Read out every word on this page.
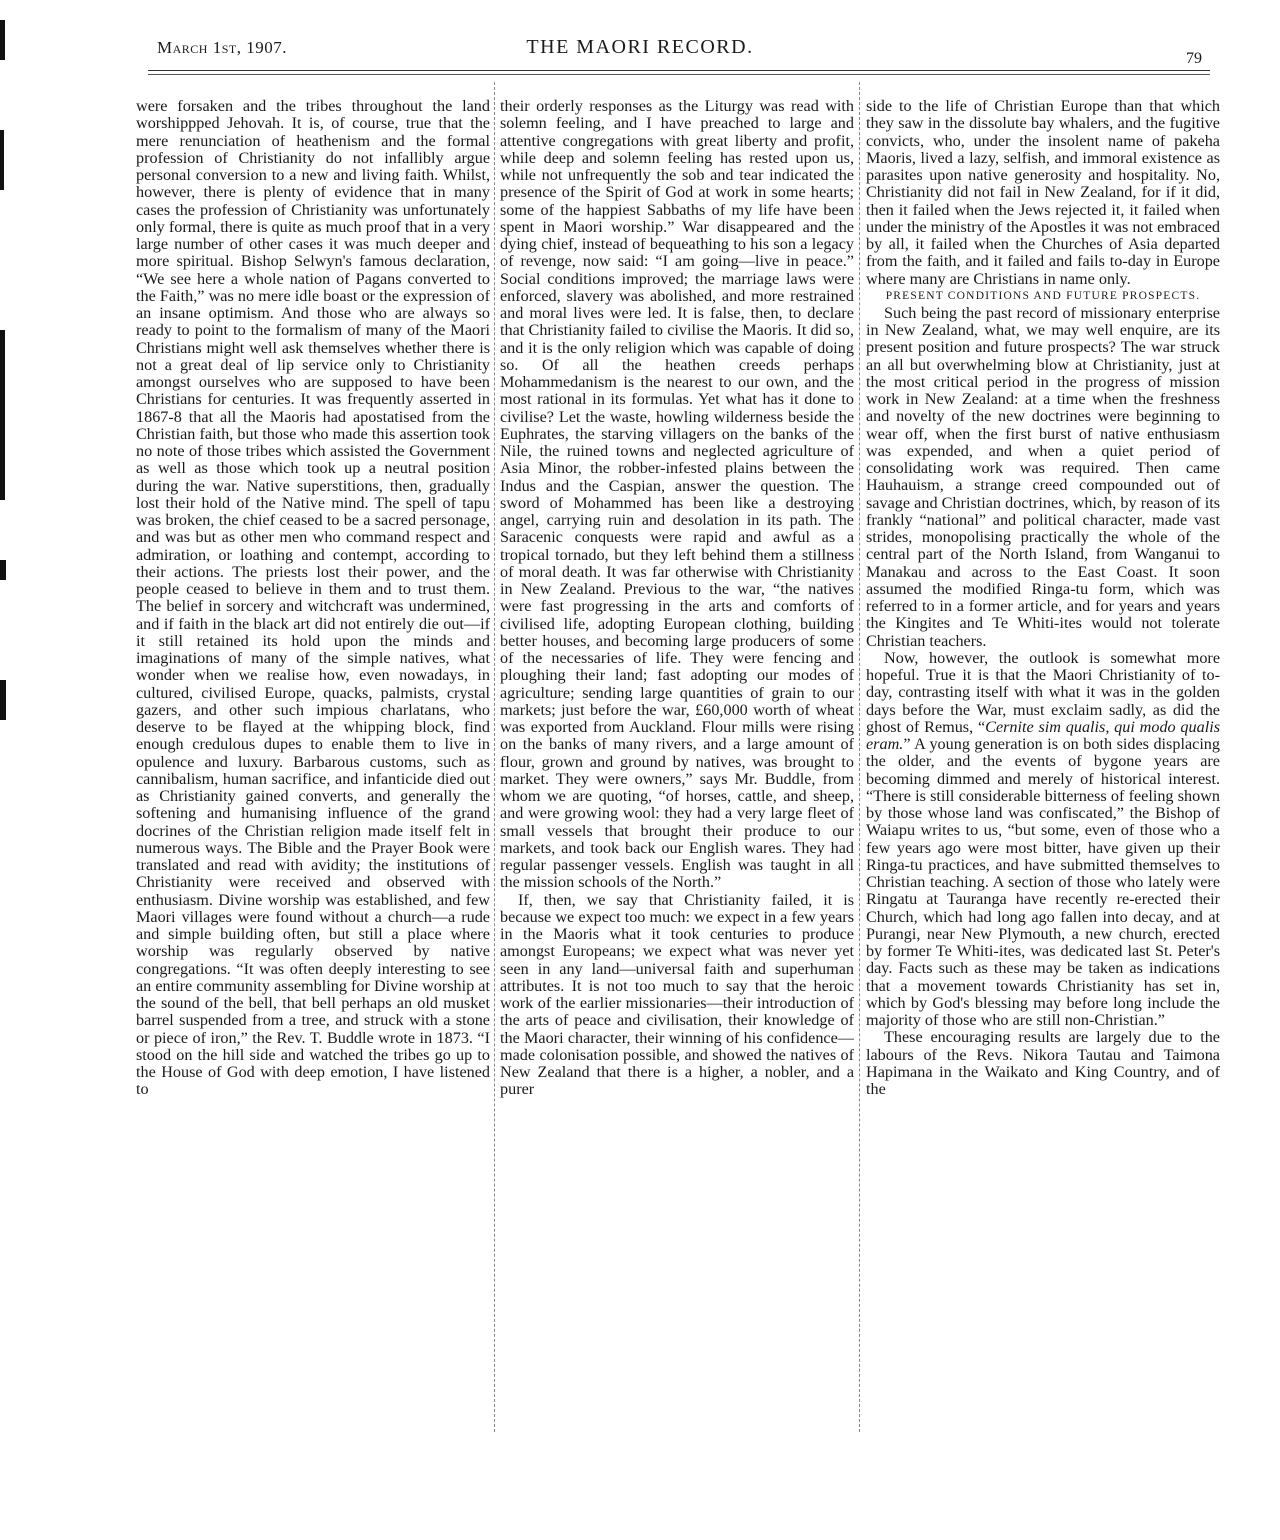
March 1st, 1907.	THE MAORI RECORD.
79

were forsaken and the tribes throughout the land worshippped Jehovah. It is, of course, true that the mere renunciation of heathenism and the formal profession of Christianity do not infallibly argue personal conversion to a new and living faith. Whilst, however, there is plenty of evidence that in many cases the profession of Christianity was unfortunately only formal, there is quite as much proof that in a very large number of other cases it was much deeper and more spiritual. Bishop Selwyn's famous declaration, “We see here a whole nation of Pagans converted to the Faith,” was no mere idle boast or the expression of an insane optimism. And those who are always so ready to point to the formalism of many of the Maori Christians might well ask themselves whether there is not a great deal of lip service only to Christianity amongst ourselves who are supposed to have been Christians for centuries. It was frequently asserted in 1867-8 that all the Maoris had apostatised from the Christian faith, but those who made this assertion took no note of those tribes which assisted the Government as well as those which took up a neutral position during the war. Native superstitions, then, gradually lost their hold of the Native mind. The spell of tapu was broken, the chief ceased to be a sacred personage, and was but as other men who command respect and admiration, or loathing and contempt, according to their actions. The priests lost their power, and the people ceased to believe in them and to trust them. The belief in sorcery and witchcraft was undermined, and if faith in the black art did not entirely die out—if it still retained its hold upon the minds and imaginations of many of the simple natives, what wonder when we realise how, even nowadays, in cultured, civilised Europe, quacks, palmists, crystal gazers, and other such impious charlatans, who deserve to be flayed at the whipping block, find enough credulous dupes to enable them to live in opulence and luxury. Barbarous customs, such as cannibalism, human sacrifice, and infanticide died out as Christianity gained converts, and generally the softening and humanising influence of the grand docrines of the Christian religion made itself felt in numerous ways. The Bible and the Prayer Book were translated and read with avidity; the institutions of Christianity were received and observed with enthusiasm. Divine worship was established, and few Maori villages were found without a church—a rude and simple building often, but still a place where worship was regularly observed by native congregations. “It was often deeply interesting to see an entire community assembling for Divine worship at the sound of the bell, that bell perhaps an old musket barrel suspended from a tree, and struck with a stone or piece of iron,” the Rev. T. Buddle wrote in 1873. “I stood on the hill side and watched the tribes go up to the House of God with deep emotion, I have listened to

their orderly responses as the Liturgy was read with solemn feeling, and I have preached to large and attentive congregations with great liberty and profit, while deep and solemn feeling has rested upon us, while not unfrequently the sob and tear indicated the presence of the Spirit of God at work in some hearts; some of the happiest Sabbaths of my life have been spent in Maori worship.” War disappeared and the dying chief, instead of bequeathing to his son a legacy of revenge, now said: “I am going—live in peace.” Social conditions improved; the marriage laws were enforced, slavery was abolished, and more restrained and moral lives were led. It is false, then, to declare that Christianity failed to civilise the Maoris. It did so, and it is the only religion which was capable of doing so. Of all the heathen creeds perhaps Mohammedanism is the nearest to our own, and the most rational in its formulas. Yet what has it done to civilise? Let the waste, howling wilderness beside the Euphrates, the starving villagers on the banks of the Nile, the ruined towns and neglected agriculture of Asia Minor, the robber-infested plains between the Indus and the Caspian, answer the question. The sword of Mohammed has been like a destroying angel, carrying ruin and desolation in its path. The Saracenic conquests were rapid and awful as a tropical tornado, but they left behind them a stillness of moral death. It was far otherwise with Christianity in New Zealand. Previous to the war, “the natives were fast progressing in the arts and comforts of civilised life, adopting European clothing, building better houses, and becoming large producers of some of the necessaries of life. They were fencing and ploughing their land; fast adopting our modes of agriculture; sending large quantities of grain to our markets; just before the war, £60,000 worth of wheat was exported from Auckland. Flour mills were rising on the banks of many rivers, and a large amount of flour, grown and ground by natives, was brought to market. They were owners,” says Mr. Buddle, from whom we are quoting, “of horses, cattle, and sheep, and were growing wool: they had a very large fleet of small vessels that brought their produce to our markets, and took back our English wares. They had regular passenger vessels. English was taught in all the mission schools of the North.”

If, then, we say that Christianity failed, it is because we expect too much: we expect in a few years in the Maoris what it took centuries to produce amongst Europeans; we expect what was never yet seen in any land—universal faith and superhuman attributes. It is not too much to say that the heroic work of the earlier missionaries—their introduction of the arts of peace and civilisation, their knowledge of the Maori character, their winning of his confidence—made colonisation possible, and showed the natives of New Zealand that there is a higher, a nobler, and a purer

side to the life of Christian Europe than that which they saw in the dissolute bay whalers, and the fugitive convicts, who, under the insolent name of pakeha Maoris, lived a lazy, selfish, and immoral existence as parasites upon native generosity and hospitality. No, Christianity did not fail in New Zealand, for if it did, then it failed when the Jews rejected it, it failed when under the ministry of the Apostles it was not embraced by all, it failed when the Churches of Asia departed from the faith, and it failed and fails to-day in Europe where many are Christians in name only.

PRESENT CONDITIONS AND FUTURE PROSPECTS.

Such being the past record of missionary enterprise in New Zealand, what, we may well enquire, are its present position and future prospects? The war struck an all but overwhelming blow at Christianity, just at the most critical period in the progress of mission work in New Zealand: at a time when the freshness and novelty of the new doctrines were beginning to wear off, when the first burst of native enthusiasm was expended, and when a quiet period of consolidating work was required. Then came Hauhauism, a strange creed compounded out of savage and Christian doctrines, which, by reason of its frankly “national” and political character, made vast strides, monopolising practically the whole of the central part of the North Island, from Wanganui to Manakau and across to the East Coast. It soon assumed the modified Ringa-tu form, which was referred to in a former article, and for years and years the Kingites and Te Whiti-ites would not tolerate Christian teachers.

Now, however, the outlook is somewhat more hopeful. True it is that the Maori Christianity of to-day, contrasting itself with what it was in the golden days before the War, must exclaim sadly, as did the ghost of Remus, “Cernite sim qualis, qui modo qualis eram.” A young generation is on both sides displacing the older, and the events of bygone years are becoming dimmed and merely of historical interest. “There is still considerable bitterness of feeling shown by those whose land was confiscated,” the Bishop of Waiapu writes to us, “but some, even of those who a few years ago were most bitter, have given up their Ringa-tu practices, and have submitted themselves to Christian teaching. A section of those who lately were Ringatu at Tauranga have recently re-erected their Church, which had long ago fallen into decay, and at Purangi, near New Plymouth, a new church, erected by former Te Whiti-ites, was dedicated last St. Peter's day. Facts such as these may be taken as indications that a movement towards Christianity has set in, which by God's blessing may before long include the majority of those who are still non-Christian.”

These encouraging results are largely due to the labours of the Revs. Nikora Tautau and Taimona Hapimana in the Waikato and King Country, and of the
